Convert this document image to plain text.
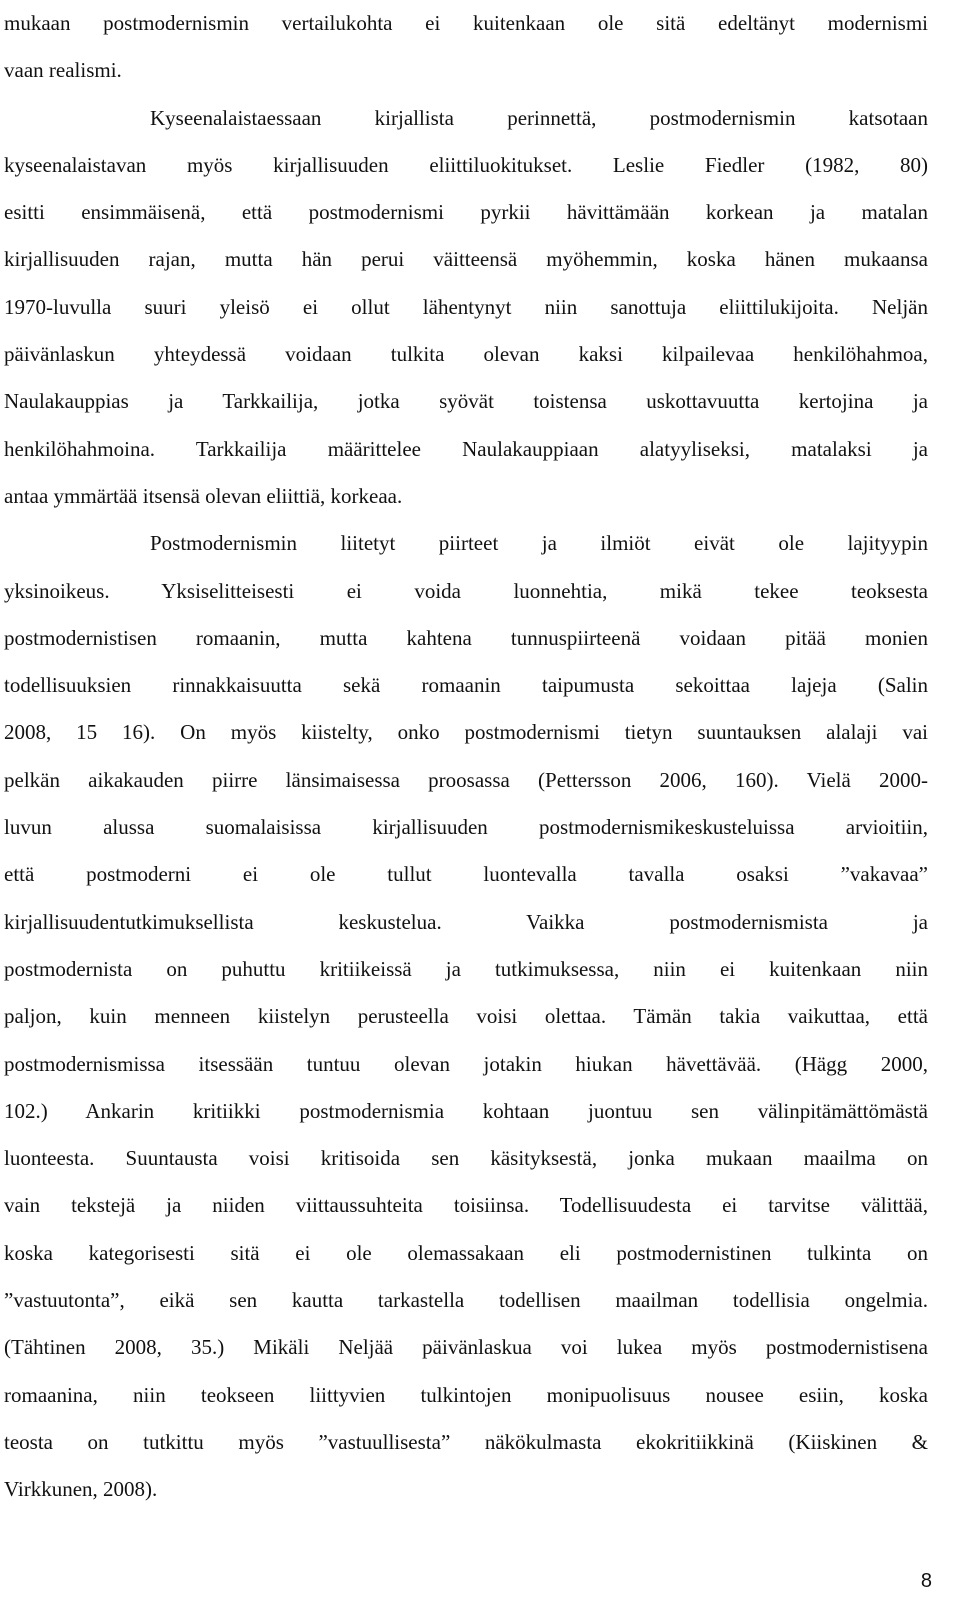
mukaan postmodernismin vertailukohta ei kuitenkaan ole sitä edeltänyt modernismi
vaan realismi.
Kyseenalaistaessaan kirjallista perinnettä, postmodernismin katsotaan
kyseenalaistavan myös kirjallisuuden eliittiluokitukset. Leslie Fiedler (1982, 80)
esitti ensimmäisenä, että postmodernismi pyrkii hävittämään korkean ja matalan
kirjallisuuden rajan, mutta hän perui väitteensä myöhemmin, koska hänen mukaansa
1970-luvulla suuri yleisö ei ollut lähentynyt niin sanottuja eliittilukijoita. Neljän
päivänlaskun yhteydessä voidaan tulkita olevan kaksi kilpailevaa henkilöhahmoa,
Naulakauppias ja Tarkkailija, jotka syövät toistensa uskottavuutta kertojina ja
henkilöhahmoina. Tarkkailija määrittelee Naulakauppiaan alatyyliseksi, matalaksi ja
antaa ymmärtää itsensä olevan eliittiä, korkeaa.
Postmodernismin liitetyt piirteet ja ilmiöt eivät ole lajityypin
yksinoikeus. Yksiselitteisesti ei voida luonnehtia, mikä tekee teoksesta
postmodernistisen romaanin, mutta kahtena tunnuspiirteenä voidaan pitää monien
todellisuuksien rinnakkaisuutta sekä romaanin taipumusta sekoittaa lajeja (Salin
2008, 15 16). On myös kiistelty, onko postmodernismi tietyn suuntauksen alalaji vai
pelkän aikakauden piirre länsimaisessa proosassa (Pettersson 2006, 160). Vielä 2000-
luvun alussa suomalaisissa kirjallisuuden postmodernismikeskusteluissa arvioitiin,
että postmoderni ei ole tullut luontevalla tavalla osaksi ”vakavaa”
kirjallisuudentutkimuksellista keskustelua. Vaikka postmodernismista ja
postmodernista on puhuttu kritiikeissä ja tutkimuksessa, niin ei kuitenkaan niin
paljon, kuin menneen kiistelyn perusteella voisi olettaa. Tämän takia vaikuttaa, että
postmodernismissa itsessään tuntuu olevan jotakin hiukan hävettävää. (Hägg 2000,
102.) Ankarin kritiikki postmodernismia kohtaan juontuu sen välinpitämättömästä
luonteesta. Suuntausta voisi kritisoida sen käsityksestä, jonka mukaan maailma on
vain tekstejä ja niiden viittaussuhteita toisiinsa. Todellisuudesta ei tarvitse välittää,
koska kategorisesti sitä ei ole olemassakaan eli postmodernistinen tulkinta on
”vastuutonta”, eikä sen kautta tarkastella todellisen maailman todellisia ongelmia.
(Tähtinen 2008, 35.) Mikäli Neljää päivänlaskua voi lukea myös postmodernistisena
romaanina, niin teokseen liittyvien tulkintojen monipuolisuus nousee esiin, koska
teosta on tutkittu myös ”vastuullisesta” näkökulmasta ekokritiikkinä (Kiiskinen &
Virkkunen, 2008).
8
